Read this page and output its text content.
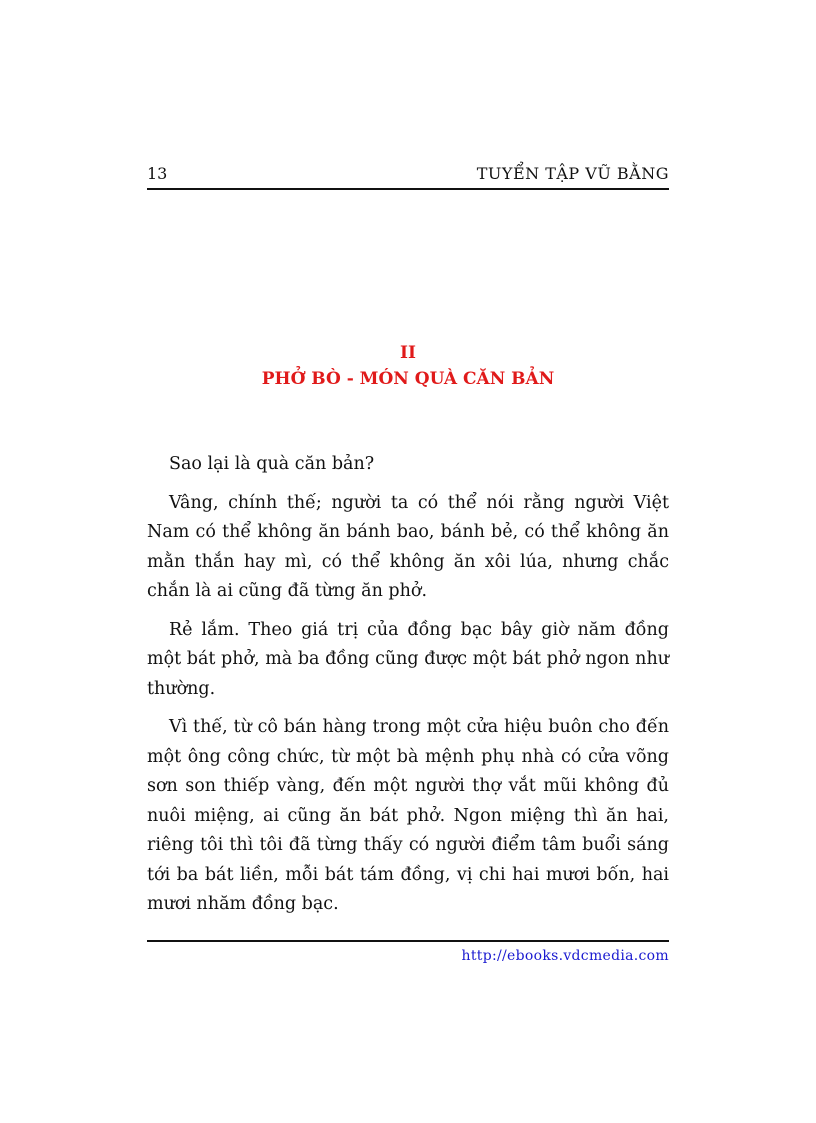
13	TUYỂN TẬP VŨ BẰNG
II
PHỞ BÒ - MÓN QUÀ CĂN BẢN

Sao lại là quà căn bản?

Vâng, chính thế; người ta có thể nói rằng người Việt Nam có thể không ăn bánh bao, bánh bẻ, có thể không ăn mằn thắn hay mì, có thể không ăn xôi lúa, nhưng chắc chắn là ai cũng đã từng ăn phở.

Rẻ lắm. Theo giá trị của đồng bạc bây giờ năm đồng một bát phở, mà ba đồng cũng được một bát phở ngon như thường.

Vì thế, từ cô bán hàng trong một cửa hiệu buôn cho đến một ông công chức, từ một bà mệnh phụ nhà có cửa võng sơn son thiếp vàng, đến một người thợ vắt mũi không đủ nuôi miệng, ai cũng ăn bát phở. Ngon miệng thì ăn hai, riêng tôi thì tôi đã từng thấy có người điểm tâm buổi sáng tới ba bát liền, mỗi bát tám đồng, vị chi hai mươi bốn, hai mươi nhăm đồng bạc.

http://ebooks.vdcmedia.com
